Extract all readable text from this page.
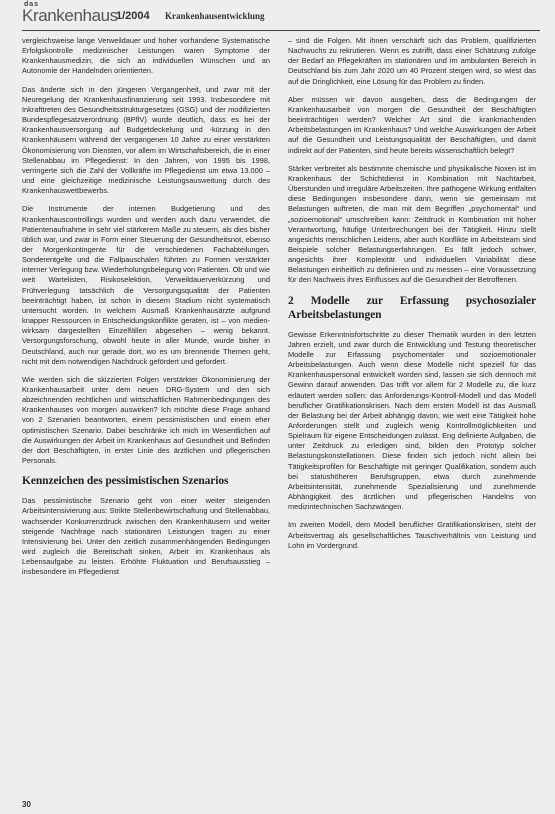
das
Krankenhaus
1/2004 Krankenhausentwicklung

vergleichsweise lange Verweildauer und hoher vorhandene Systematische Erfolgskontrolle medizinischer Leistungen waren Symptome der Krankenhausmedizin, die sich an individuellen Wünschen und an Autonomie der Handelnden orientierten.

Das änderte sich in den jüngeren Vergangenheit, und zwar mit der Neuregelung der Krankenhausfinanzierung seit 1993. Insbesondere mit Inkrafttreten des Gesundheitsstrukturgesetzes (GSG) und der modifizierten Bundespflegesatzverordnung (BPflV) wurde deutlich, dass es bei der Krankenhausversorgung auf Budgetdeckelung und -kürzung in den Krankenhäusern während der vergangenen 10 Jahre zu einer verstärkten Ökonomisierung von Diensten, vor allem im Wirtschaftsbereich, die in einer Stellenabbau im Pflegedienst: In den Jahren, von 1995 bis 1998, verringerte sich die Zahl der Vollkräfte im Pflegedienst um etwa 13.000 – und eine gleichzeitige medizinische Leistungsausweitung durch des Krankenhauswettbewerbs.

Die Instrumente der internen Budgetierung und des Krankenhauscontrollings wurden und werden auch dazu verwendet, die Patientenaufnahme in sehr viel stärkerem Maße zu steuern, als dies bisher üblich war, und zwar in Form einer Steuerung der Gesundheitsnot, ebenso der Morgenkontingente für die verschiedenen Fachabteilungen. Sonderentgelte und die Fallpauschalen führten zu Formen verstärkter interner Verlegung bzw. Wiederholungsbelegung von Patienten. Ob und wie weit Wartelisten, Risikoselektion, Verweildauerverkürzung und Frühverlegung tatsächlich die Versorgungsqualität der Patienten beeinträchtigt haben, ist schon in diesem Stadium nicht systematisch untersucht worden. In welchem Ausmaß Krankenhausärzte aufgrund knapper Ressourcen in Entscheidungskonflikte geraten, ist – von medien-wirksam dargestellten Einzelfällen abgesehen – wenig bekannt. Versorgungsforschung, obwohl heute in aller Munde, wurde bisher in Deutschland, auch nur gerade dort, wo es um brennende Themen geht, nicht mit dem notwendigen Nachdruck gefördert und gefordert.

Wie werden sich die skizzierten Folgen verstärkter Ökonomisierung der Krankenhausarbeit unter dem neuen DRG-System und den sich abzeichnenden rechtlichen und wirtschaftlichen Rahmenbedingungen des Krankenhauses von morgen auswirken? Ich möchte diese Frage anhand von 2 Szenarien beantworten, einem pessimistischen und einem eher optimistischen Szenario. Dabei beschränke ich mich im Wesentlichen auf die Auswirkungen der Arbeit im Krankenhaus auf Gesundheit und Befinden der dort Beschäftigten, in erster Linie des ärztlichen und pflegerischen Personals.

Kennzeichen des pessimistischen Szenarios

Das pessimistische Szenario geht von einer weiter steigenden Arbeitsintensivierung aus: Strikte Stellenbewirtschaftung und Stellenabbau, wachsender Konkurrenzdruck zwischen den Krankenhäusern und weiter steigende Nachfrage nach stationären Leistungen tragen zu einer Intensivierung bei. Unter den zeitlich zusammenhängenden Bedingungen wird zugleich die Bereitschaft sinken, Arbeit im Krankenhaus als Lebensaufgabe zu leisten. Erhöhte Fluktuation und Berufsausstieg – insbesondere im Pflegedienst

– sind die Folgen. Mit ihnen verschärft sich das Problem, qualifizierten Nachwuchs zu rekrutieren. Wenn es zutrifft, dass einer Schätzung zufolge der Bedarf an Pflegekräften im stationären und im ambulanten Bereich in Deutschland bis zum Jahr 2020 um 40 Prozent steigen wird, so wiest das auf die Dringlichkeit, eine Lösung für das Problem zu finden.

Aber müssen wir davon ausgehen, dass die Bedingungen der Krankenhausarbeit von morgen die Gesundheit der Beschäftigten beeinträchtigen werden? Welcher Art sind die krankmachenden Arbeitsbelastungen im Krankenhaus? Und welche Auswirkungen der Arbeit auf die Gesundheit und Leistungsqualität der Beschäftigten, und damit indirekt auf der Patienten, sind heute bereits wissenschaftlich belegt?

Stärker verbreitet als bestimmte chemische und physikalische Noxen ist im Krankenhaus der Schichtdienst in Kombination mit Nachtarbeit, Überstunden und irreguläre Arbeitszeiten. Ihre pathogene Wirkung entfalten diese Bedingungen insbesondere dann, wenn sie gemeinsam mit Belastungen auftreten, die man mit dem Begriffen „psychomental“ und „sozioemotional“ umschreiben kann: Zeitdruck in Kombination mit hoher Verantwortung, häufige Unterbrechungen bei der Tätigkeit. Hinzu stellt angesichts menschlichen Leidens, aber auch Konflikte im Arbeitsteam sind Beispiele solcher Belastungserfahrungen. Es fällt jedoch schwer, angesichts ihrer Komplexität und individuellen Variabilität diese Belastungen einheitlich zu definieren und zu messen – eine Voraussetzung für den Nachweis ihres Einflusses auf die Gesundheit der Betroffenen.

2 Modelle zur Erfassung psychosozialer Arbeitsbelastungen

Gewisse Erkenntnisfortschritte zu dieser Thematik wurden in den letzten Jahren erzielt, und zwar durch die Entwicklung und Testung theoretischer Modelle zur Erfassung psychomentaler und sozioemotionaler Arbeitsbelastungen. Auch wenn diese Modelle nicht speziell für das Krankenhauspersonal entwickelt worden sind, lassen sie sich dennoch mit Gewinn darauf anwenden. Das trifft vor allem für 2 Modelle zu, die kurz erläutert werden sollen: das Anforderungs-Kontroll-Modell und das Modell beruflicher Gratifikationskrisen. Nach dem ersten Modell ist das Ausmaß der Belastung bei der Arbeit abhängig davon, wie weit eine Tätigkeit hohe Anforderungen stellt und zugleich wenig Kontrollmöglichkeiten und Spielraum für eigene Entscheidungen zulässt. Eng definierte Aufgaben, die unter Zeitdruck zu erledigen sind, bilden den Prototyp solcher Belastungskonstellationen. Diese finden sich jedoch nicht allein bei Tätigkeitsprofilen für Beschäftigte mit geringer Qualifikation, sondern auch bei statushöheren Berufsgruppen, etwa durch zunehmende Arbeitsintensität, zunehmende Spezialisierung und zunehmende Abhängigkeit des ärztlichen und pflegerischen Handelns von medizintechnischen Sachzwängen.

Im zweiten Modell, dem Modell beruflicher Gratifikationskrisen, steht der Arbeitsvertrag als gesellschaftliches Tauschverhältnis von Leistung und Lohn im Vordergrund.

30
